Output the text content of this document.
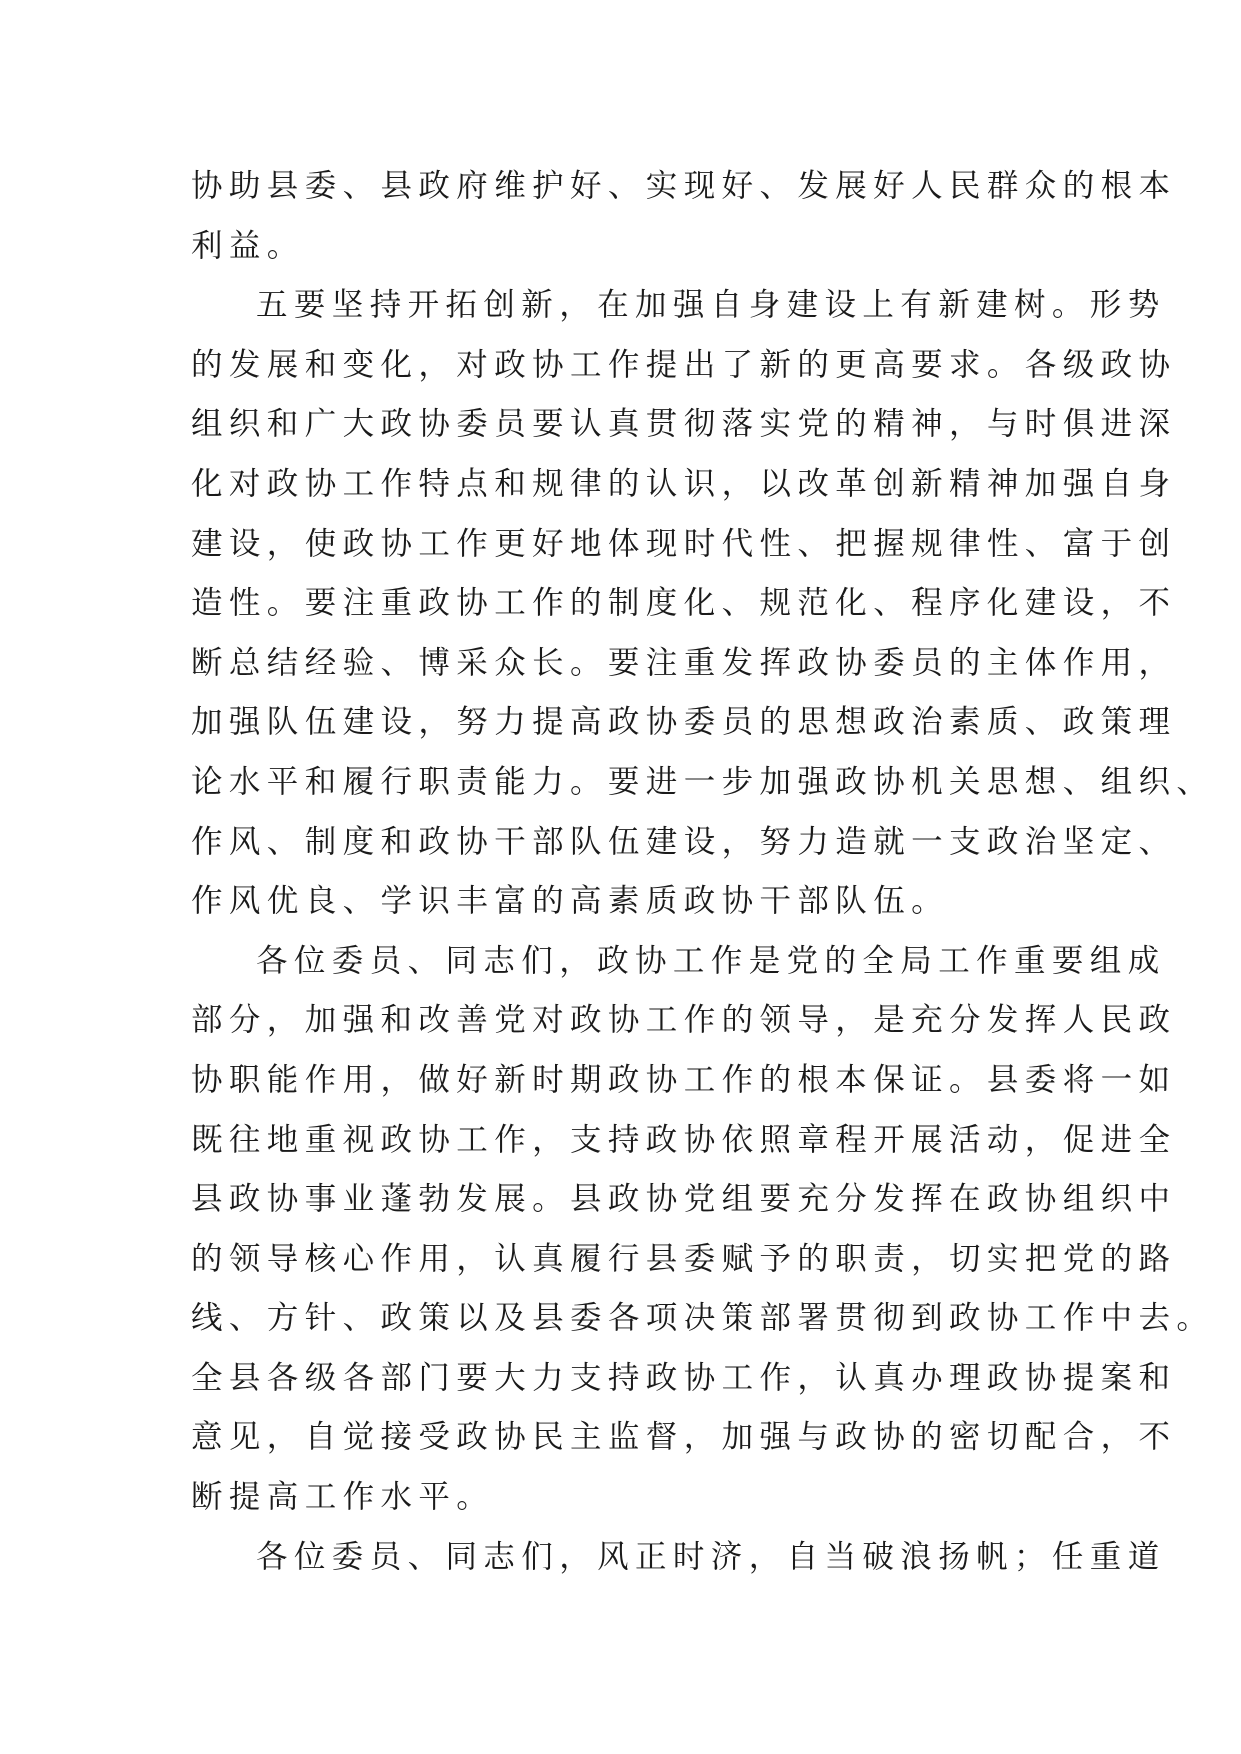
协助县委、县政府维护好、实现好、发展好人民群众的根本
利益。
五要坚持开拓创新，在加强自身建设上有新建树。形势
的发展和变化，对政协工作提出了新的更高要求。各级政协
组织和广大政协委员要认真贯彻落实党的精神，与时俱进深
化对政协工作特点和规律的认识，以改革创新精神加强自身
建设，使政协工作更好地体现时代性、把握规律性、富于创
造性。要注重政协工作的制度化、规范化、程序化建设，不
断总结经验、博采众长。要注重发挥政协委员的主体作用，
加强队伍建设，努力提高政协委员的思想政治素质、政策理
论水平和履行职责能力。要进一步加强政协机关思想、组织、
作风、制度和政协干部队伍建设，努力造就一支政治坚定、
作风优良、学识丰富的高素质政协干部队伍。
各位委员、同志们，政协工作是党的全局工作重要组成
部分，加强和改善党对政协工作的领导，是充分发挥人民政
协职能作用，做好新时期政协工作的根本保证。县委将一如
既往地重视政协工作，支持政协依照章程开展活动，促进全
县政协事业蓬勃发展。县政协党组要充分发挥在政协组织中
的领导核心作用，认真履行县委赋予的职责，切实把党的路
线、方针、政策以及县委各项决策部署贯彻到政协工作中去。
全县各级各部门要大力支持政协工作，认真办理政协提案和
意见，自觉接受政协民主监督，加强与政协的密切配合，不
断提高工作水平。
各位委员、同志们，风正时济，自当破浪扬帆；任重道
